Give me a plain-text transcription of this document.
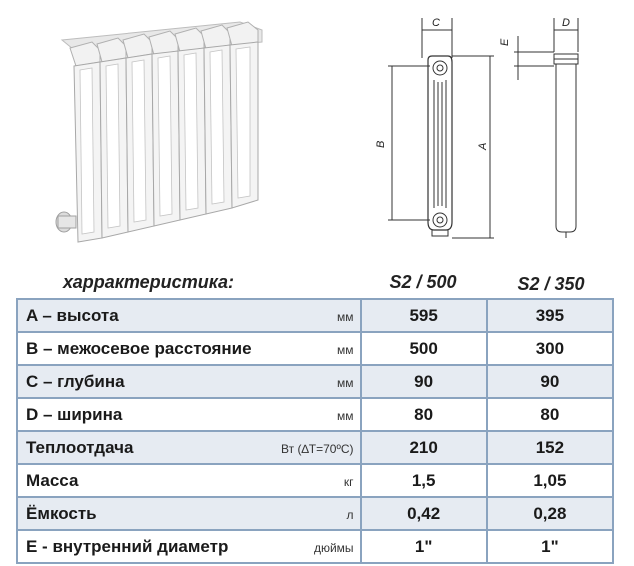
C	D
E
B	A
харрактеристика:	S2 / 500	S2 / 350
A – высота мм	595	395

B – межосевое расстояние мм	500	300

C – глубина мм	90	90

D – ширина мм	80	80

Теплоотдача Вт (∆T=70ºC)	210	152

Масса кг	1,5	1,05

Ёмкость л	0,42	0,28

E - внутренний диаметр дюймы	1"	1"
